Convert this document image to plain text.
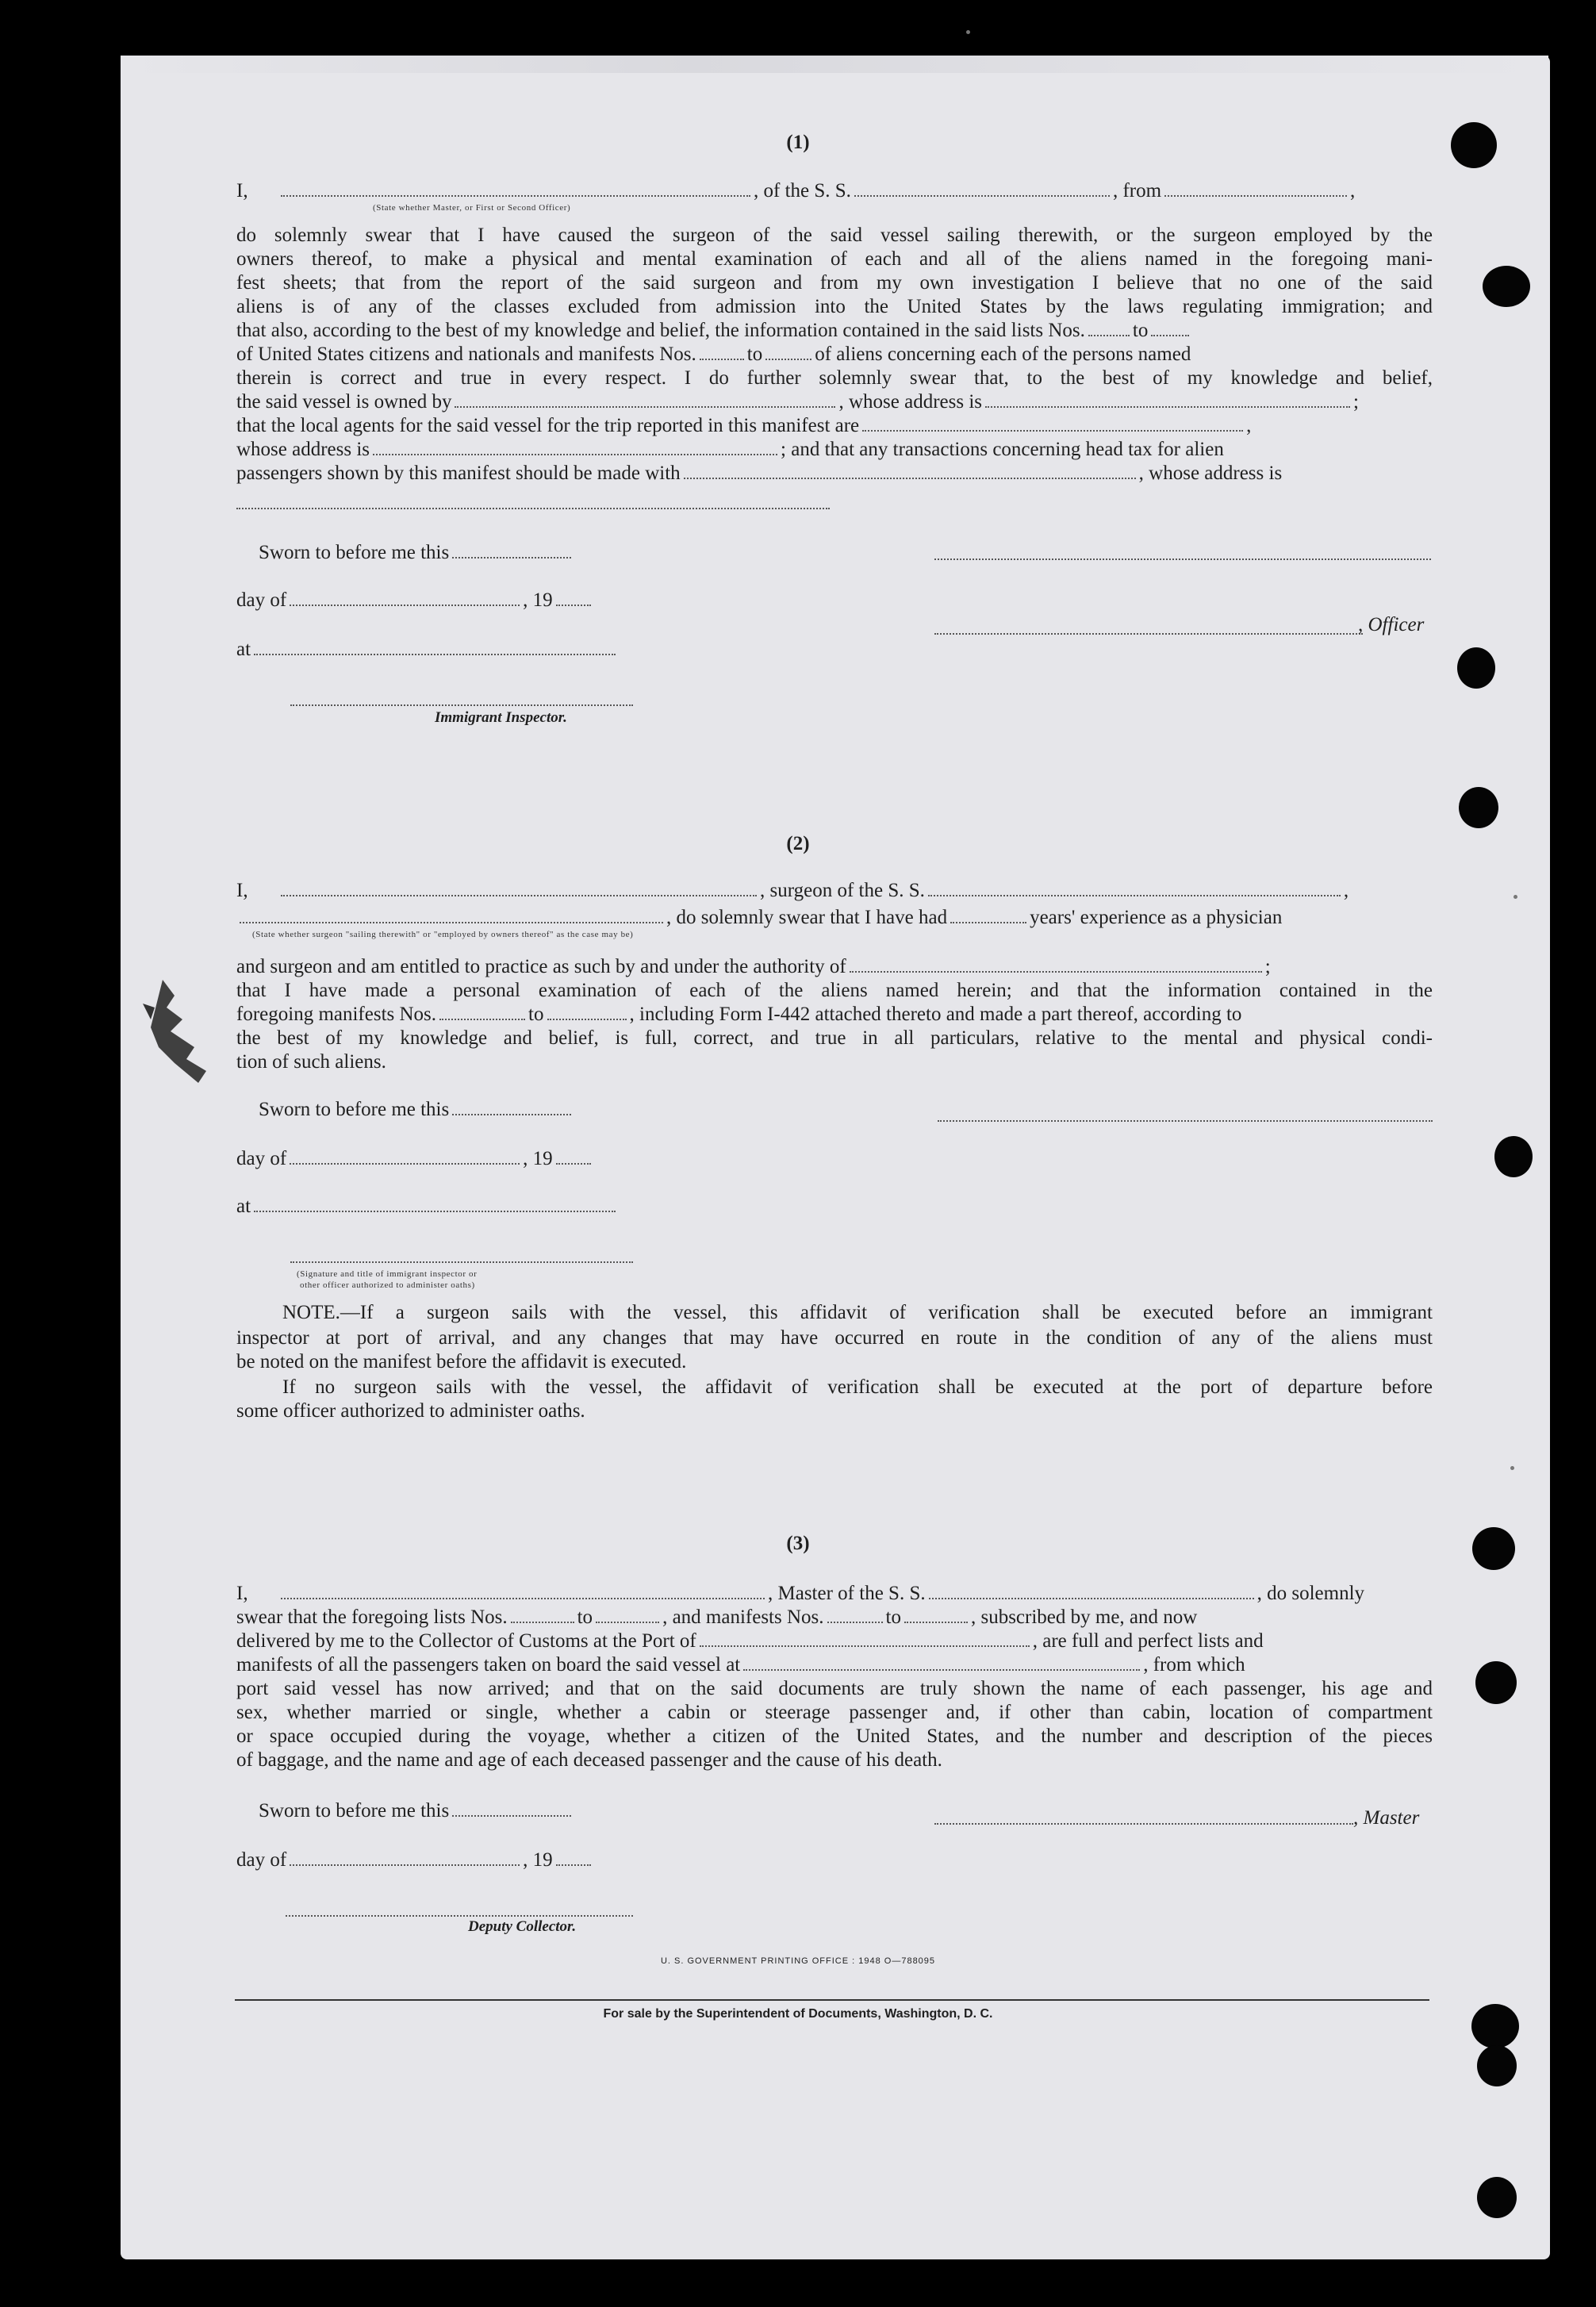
(1)
I,	, of the S. S.	, from	,
(State whether Master, or First or Second Officer)
do solemnly swear that I have caused the surgeon of the said vessel sailing therewith, or the surgeon employed by the
owners thereof, to make a physical and mental examination of each and all of the aliens named in the foregoing mani-
fest sheets; that from the report of the said surgeon and from my own investigation I believe that no one of the said
aliens is of any of the classes excluded from admission into the United States by the laws regulating immigration; and
that also, according to the best of my knowledge and belief, the information contained in the said lists Nos. to
of United States citizens and nationals and manifests Nos.	to	of aliens concerning each of the persons named
therein is correct and true in every respect. I do further solemnly swear that, to the best of my knowledge and belief,
the said vessel is owned by	, whose address is	;
that the local agents for the said vessel for the trip reported in this manifest are	,
whose address is	; and that any transactions concerning head tax for alien
passengers shown by this manifest should be made with	, whose address is
Sworn to before me this
day of	, 19
, Officer
at
Immigrant Inspector.
(2)
I,	, surgeon of the S. S.	,
, do solemnly swear that I have had	years' experience as a physician
(State whether surgeon "sailing therewith" or "employed by owners thereof" as the case may be)
and surgeon and am entitled to practice as such by and under the authority of	;
that I have made a personal examination of each of the aliens named herein; and that the information contained in the
foregoing manifests Nos.	to	, including Form I-442 attached thereto and made a part thereof, according to
the best of my knowledge and belief, is full, correct, and true in all particulars, relative to the mental and physical condi-
tion of such aliens.
Sworn to before me this
day of	, 19
at
(Signature and title of immigrant inspector or
other officer authorized to administer oaths)
NOTE.—If a surgeon sails with the vessel, this affidavit of verification shall be executed before an immigrant
inspector at port of arrival, and any changes that may have occurred en route in the condition of any of the aliens must
be noted on the manifest before the affidavit is executed.
If no surgeon sails with the vessel, the affidavit of verification shall be executed at the port of departure before
some officer authorized to administer oaths.
(3)
I,	, Master of the S. S.	, do solemnly
swear that the foregoing lists Nos.	to	, and manifests Nos.	to	, subscribed by me, and now
delivered by me to the Collector of Customs at the Port of	, are full and perfect lists and
manifests of all the passengers taken on board the said vessel at	, from which
port said vessel has now arrived; and that on the said documents are truly shown the name of each passenger, his age and
sex, whether married or single, whether a cabin or steerage passenger and, if other than cabin, location of compartment
or space occupied during the voyage, whether a citizen of the United States, and the number and description of the pieces
of baggage, and the name and age of each deceased passenger and the cause of his death.
Sworn to before me this	, Master
day of	, 19
Deputy Collector.
U. S. GOVERNMENT PRINTING OFFICE : 1948 O—788095
For sale by the Superintendent of Documents, Washington, D. C.
